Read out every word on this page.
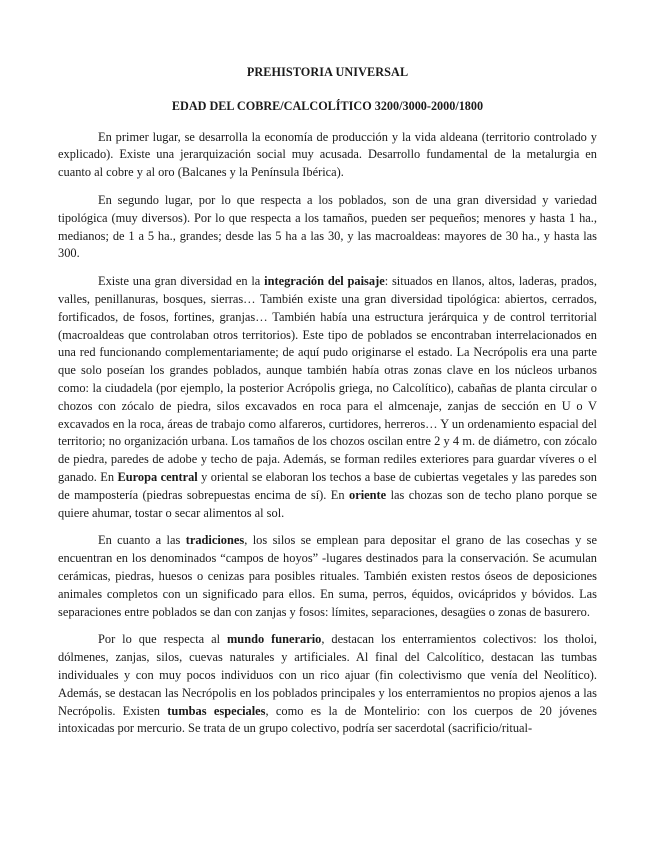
PREHISTORIA UNIVERSAL
EDAD DEL COBRE/CALCOLÍTICO 3200/3000-2000/1800

En primer lugar, se desarrolla la economía de producción y la vida aldeana (territorio controlado y explicado). Existe una jerarquización social muy acusada. Desarrollo fundamental de la metalurgia en cuanto al cobre y al oro (Balcanes y la Península Ibérica).

En segundo lugar, por lo que respecta a los poblados, son de una gran diversidad y variedad tipológica (muy diversos). Por lo que respecta a los tamaños, pueden ser pequeños; menores y hasta 1 ha., medianos; de 1 a 5 ha., grandes; desde las 5 ha a las 30, y las macroaldeas: mayores de 30 ha., y hasta las 300.

Existe una gran diversidad en la integración del paisaje: situados en llanos, altos, laderas, prados, valles, penillanuras, bosques, sierras… También existe una gran diversidad tipológica: abiertos, cerrados, fortificados, de fosos, fortines, granjas… También había una estructura jerárquica y de control territorial (macroaldeas que controlaban otros territorios). Este tipo de poblados se encontraban interrelacionados en una red funcionando complementariamente; de aquí pudo originarse el estado. La Necrópolis era una parte que solo poseían los grandes poblados, aunque también había otras zonas clave en los núcleos urbanos como: la ciudadela (por ejemplo, la posterior Acrópolis griega, no Calcolítico), cabañas de planta circular o chozos con zócalo de piedra, silos excavados en roca para el almcenaje, zanjas de sección en U o V excavados en la roca, áreas de trabajo como alfareros, curtidores, herreros… Y un ordenamiento espacial del territorio; no organización urbana. Los tamaños de los chozos oscilan entre 2 y 4 m. de diámetro, con zócalo de piedra, paredes de adobe y techo de paja. Además, se forman rediles exteriores para guardar víveres o el ganado. En Europa central y oriental se elaboran los techos a base de cubiertas vegetales y las paredes son de mampostería (piedras sobrepuestas encima de sí). En oriente las chozas son de techo plano porque se quiere ahumar, tostar o secar alimentos al sol.

En cuanto a las tradiciones, los silos se emplean para depositar el grano de las cosechas y se encuentran en los denominados “campos de hoyos” -lugares destinados para la conservación. Se acumulan cerámicas, piedras, huesos o cenizas para posibles rituales. También existen restos óseos de deposiciones animales completos con un significado para ellos. En suma, perros, équidos, ovicápridos y bóvidos. Las separaciones entre poblados se dan con zanjas y fosos: límites, separaciones, desagües o zonas de basurero.

Por lo que respecta al mundo funerario, destacan los enterramientos colectivos: los tholoi, dólmenes, zanjas, silos, cuevas naturales y artificiales. Al final del Calcolítico, destacan las tumbas individuales y con muy pocos individuos con un rico ajuar (fin colectivismo que venía del Neolítico). Además, se destacan las Necrópolis en los poblados principales y los enterramientos no propios ajenos a las Necrópolis. Existen tumbas especiales, como es la de Montelirio: con los cuerpos de 20 jóvenes intoxicadas por mercurio. Se trata de un grupo colectivo, podría ser sacerdotal (sacrificio/ritual-
